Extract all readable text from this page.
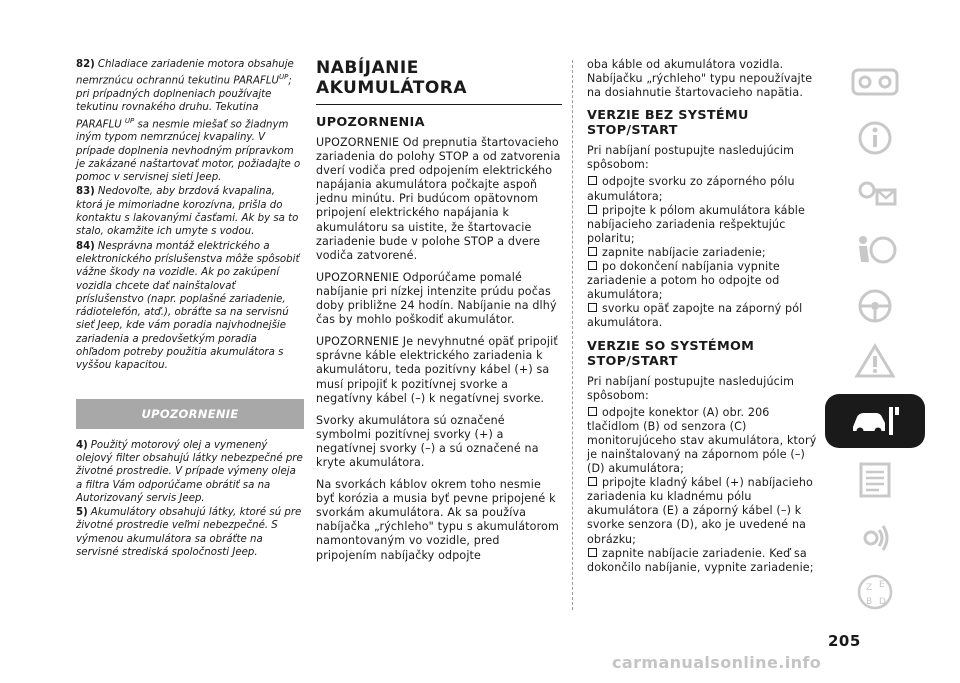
82) Chladiace zariadenie motora obsahuje nemrznúcu ochrannú tekutinu $PARAFLU^{UP}$; pri prípadných doplneniach používajte tekutinu rovnakého druhu. Tekutina PARAFLU $^{UP}$ sa nesmie miešať so žiadnym iným typom nemrznúcej kvapaliny. V prípade doplnenia nevhodným prípravkom je zakázané naštartovať motor, požiadajte o pomoc v servisnej sieti Jeep.
83) Nedovoľte, aby brzdová kvapalina, ktorá je mimoriadne korozívna, prišla do kontaktu s lakovanými časťami. Ak by sa to stalo, okamžite ich umyte s vodou.
84) Nesprávna montáž elektrického a elektronického príslušenstva môže spôsobiť vážne škody na vozidle. Ak po zakúpení vozidla chcete dať nainštalovať príslušenstvo (napr. poplašné zariadenie, rádiotelefón, atď.), obráťte sa na servisnú sieť Jeep, kde vám poradia najvhodnejšie zariadenia a predovšetkým poradia ohľadom potreby použitia akumulátora s vyššou kapacitou.
UPOZORNENIE
4) Použitý motorový olej a vymenený olejový filter obsahujú látky nebezpečné pre životné prostredie. V prípade výmeny oleja a filtra Vám odporúčame obrátiť sa na Autorizovaný servis Jeep.
5) Akumulátory obsahujú látky, ktoré sú pre životné prostredie veľmi nebezpečné. S výmenou akumulátora sa obráťte na servisné strediská spoločnosti Jeep.
NABÍJANIE
AKUMULÁTORA
UPOZORNENIA
UPOZORNENIE Od prepnutia štartovacieho zariadenia do polohy STOP a od zatvorenia dverí vodiča pred odpojením elektrického napájania akumulátora počkajte aspoň jednu minútu. Pri budúcom opätovnom pripojení elektrického napájania k akumulátoru sa uistite, že štartovacie zariadenie bude v polohe STOP a dvere vodiča zatvorené.
UPOZORNENIE Odporúčame pomalé nabíjanie pri nízkej intenzite prúdu počas doby približne 24 hodín. Nabíjanie na dlhý čas by mohlo poškodiť akumulátor.
UPOZORNENIE Je nevyhnutné opäť pripojiť správne káble elektrického zariadenia k akumulátoru, teda pozitívny kábel (+) sa musí pripojiť k pozitívnej svorke a negatívny kábel (–) k negatívnej svorke.
Svorky akumulátora sú označené symbolmi pozitívnej svorky (+) a negatívnej svorky (–) a sú označené na kryte akumulátora.
Na svorkách káblov okrem toho nesmie byť korózia a musia byť pevne pripojené k svorkám akumulátora. Ak sa používa nabíjačka „rýchleho" typu s akumulátorom namontovaným vo vozidle, pred pripojením nabíjačky odpojte
oba káble od akumulátora vozidla. Nabíjačku „rýchleho" typu nepoužívajte na dosiahnutie štartovacieho napätia.
VERZIE BEZ SYSTÉMU
STOP/START
Pri nabíjaní postupujte nasledujúcim spôsobom:
odpojte svorku zo záporného pólu akumulátora;
pripojte k pólom akumulátora káble nabíjacieho zariadenia rešpektujúc polaritu;
zapnite nabíjacie zariadenie;
po dokončení nabíjania vypnite zariadenie a potom ho odpojte od akumulátora;
svorku opäť zapojte na záporný pól akumulátora.
VERZIE SO SYSTÉMOM
STOP/START
Pri nabíjaní postupujte nasledujúcim spôsobom:
odpojte konektor (A) obr. 206 tlačidlom (B) od senzora (C) monitorujúceho stav akumulátora, ktorý je nainštalovaný na zápornom póle (–) (D) akumulátora;
pripojte kladný kábel (+) nabíjacieho zariadenia ku kladnému pólu akumulátora (E) a záporný kábel (–) k svorke senzora (D), ako je uvedené na obrázku;
zapnite nabíjacie zariadenie. Keď sa dokončilo nabíjanie, vypnite zariadenie;
Z E
B D
205
carmanualsonline.info
